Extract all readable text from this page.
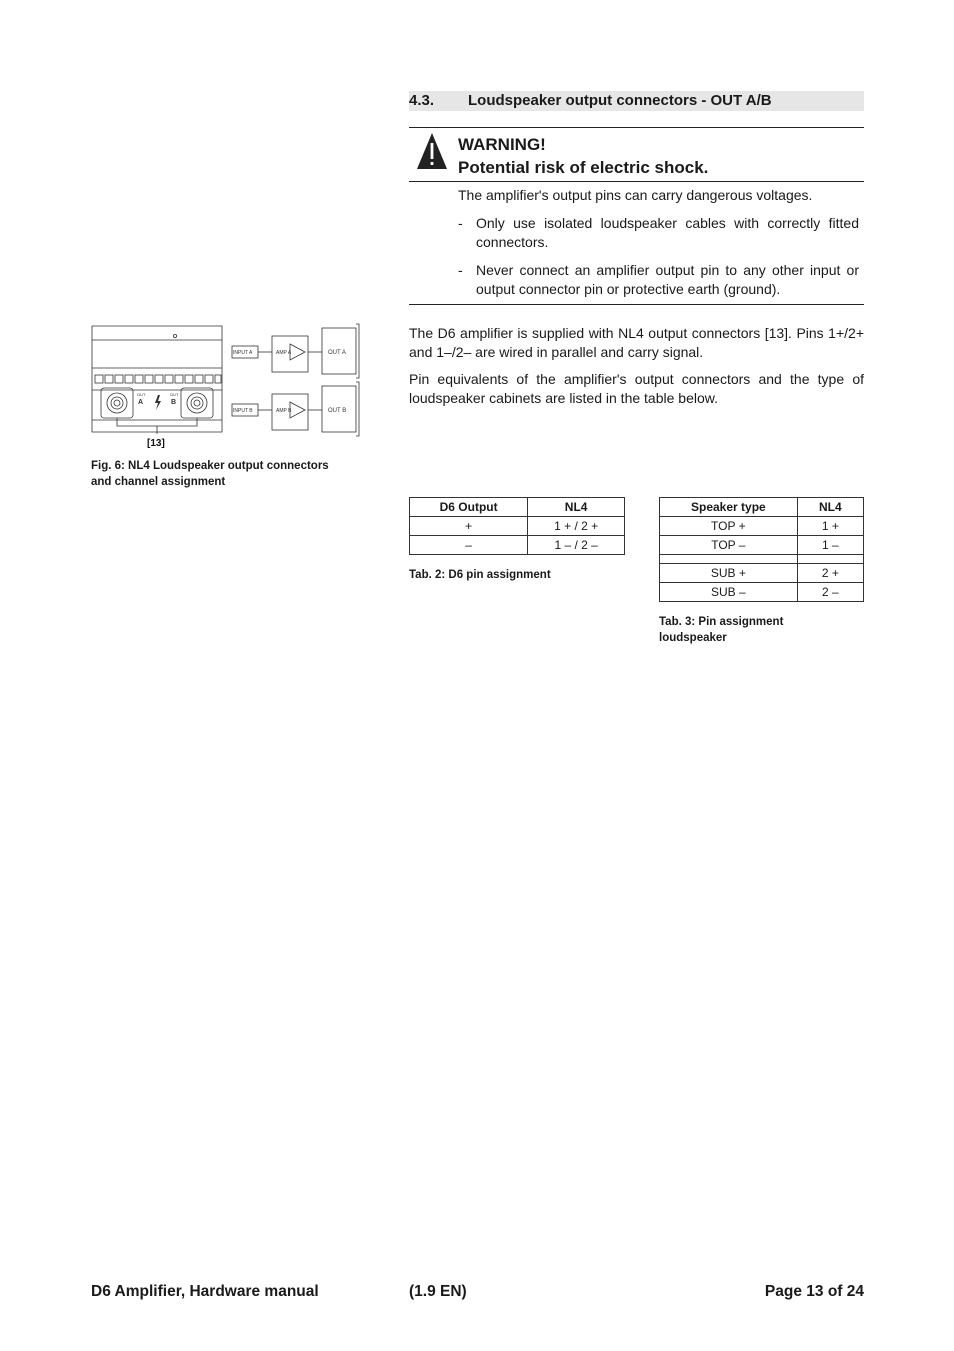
4.3. Loudspeaker output connectors - OUT A/B
WARNING!
Potential risk of electric shock.

The amplifier's output pins can carry dangerous voltages.

- Only use isolated loudspeaker cables with correctly fitted connectors.
- Never connect an amplifier output pin to any other input or output connector pin or protective earth (ground).

The D6 amplifier is supplied with NL4 output connectors [13]. Pins 1+/2+ and 1–/2– are wired in parallel and carry signal.

Pin equivalents of the amplifier's output connectors and the type of loudspeaker cabinets are listed in the table below.

OUT
A
OUT
B
[13]
INPUT A
INPUT B
AMP A
AMP B
OUT A
OUT B
Fig. 6: NL4 Loudspeaker output connectors and channel assignment
D6 Output	NL4
+	1 + / 2 +
–	1 – / 2 –
Tab. 2: D6 pin assignment
Speaker type	NL4
TOP +	1 +
TOP –	1 –

SUB +	2 +
SUB –	2 –
Tab. 3: Pin assignment loudspeaker
D6 Amplifier, Hardware manual	(1.9 EN)	Page 13 of 24
